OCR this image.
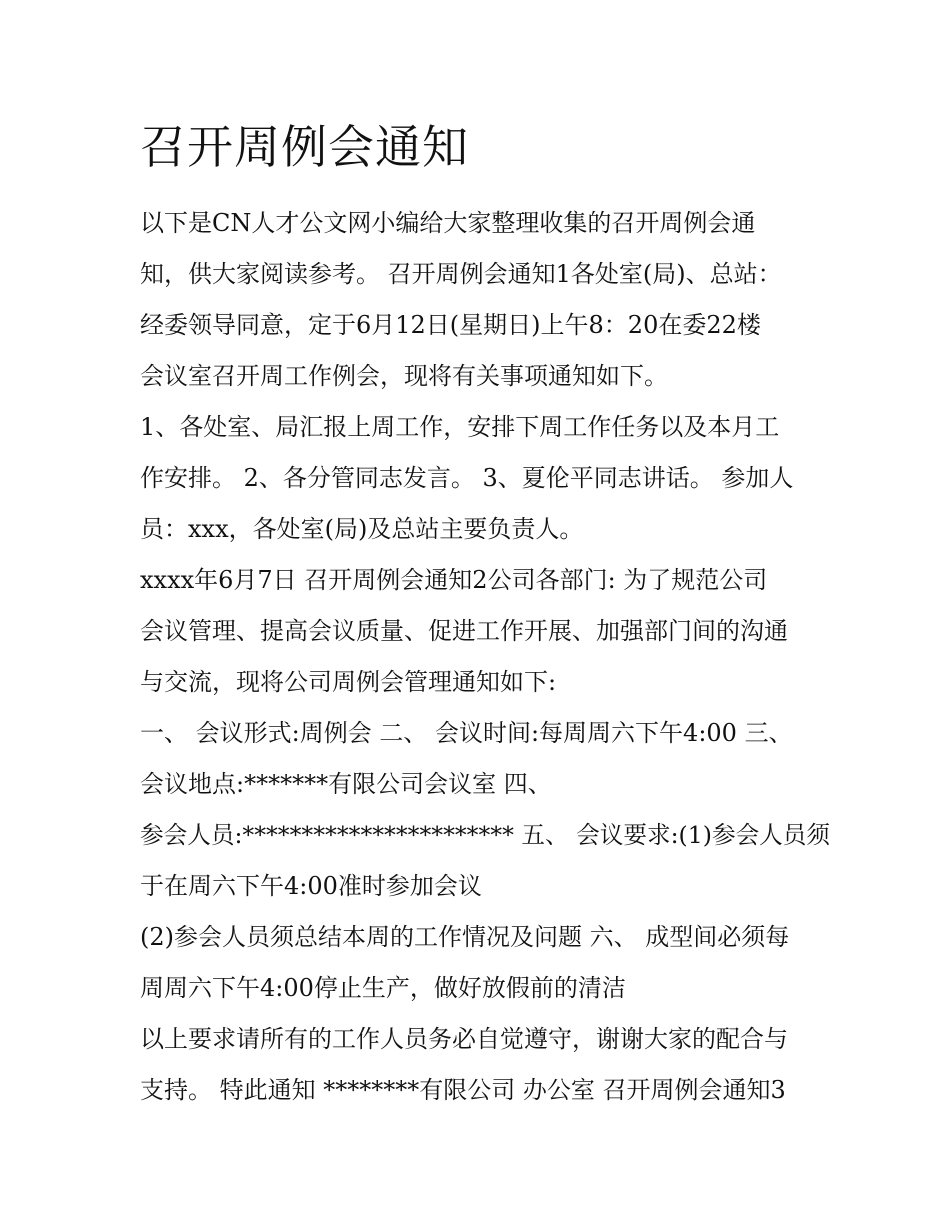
召开周例会通知
以下是CN人才公文网小编给大家整理收集的召开周例会通
知，供大家阅读参考。 召开周例会通知1各处室(局)、总站：
经委领导同意，定于6月12日(星期日)上午8：20在委22楼
会议室召开周工作例会，现将有关事项通知如下。
1、各处室、局汇报上周工作，安排下周工作任务以及本月工
作安排。 2、各分管同志发言。 3、夏伦平同志讲话。 参加人
员：xxx，各处室(局)及总站主要负责人。
xxxx年6月7日 召开周例会通知2公司各部门: 为了规范公司
会议管理、提高会议质量、促进工作开展、加强部门间的沟通
与交流，现将公司周例会管理通知如下:
一、 会议形式:周例会 二、 会议时间:每周周六下午4:00 三、
会议地点:*******有限公司会议室 四、
参会人员:*********************** 五、 会议要求:(1)参会人员须
于在周六下午4:00准时参加会议
(2)参会人员须总结本周的工作情况及问题 六、 成型间必须每
周周六下午4:00停止生产，做好放假前的清洁
以上要求请所有的工作人员务必自觉遵守，谢谢大家的配合与
支持。 特此通知 ********有限公司 办公室 召开周例会通知3
